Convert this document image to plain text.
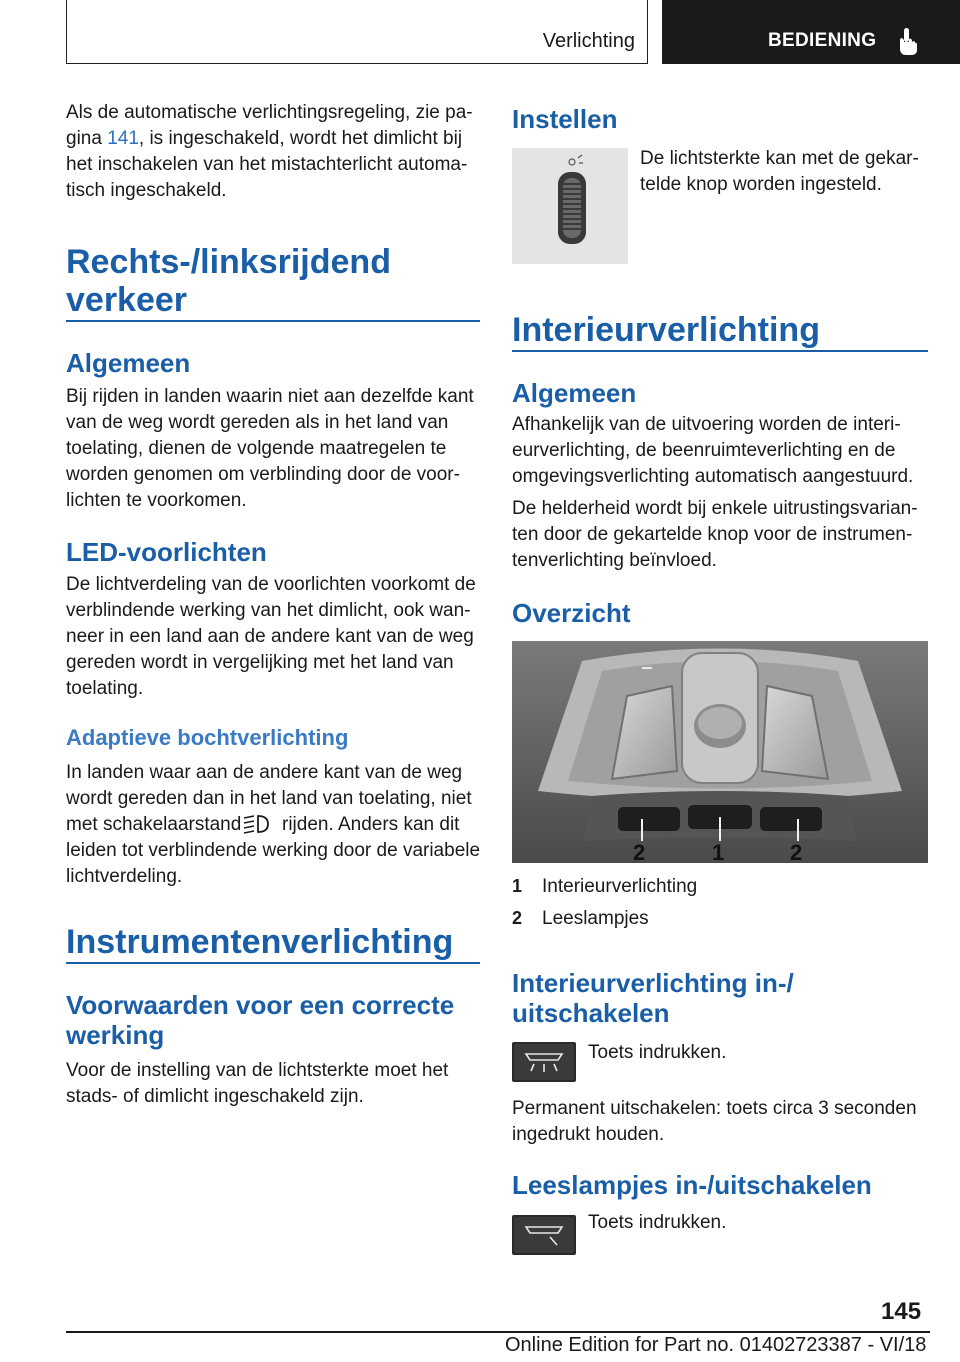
Verlichting	BEDIENING

Als de automatische verlichtingsregeling, zie pa-

gina 141, is ingeschakeld, wordt het dimlicht bij

het inschakelen van het mistachterlicht automa-

tisch ingeschakeld.

Rechts-/linksrijdend
verkeer
Algemeen

Bij rijden in landen waarin niet aan dezelfde kant

van de weg wordt gereden als in het land van

toelating, dienen de volgende maatregelen te

worden genomen om verblinding door de voor-

lichten te voorkomen.

LED-voorlichten

De lichtverdeling van de voorlichten voorkomt de

verblindende werking van het dimlicht, ook wan-

neer in een land aan de andere kant van de weg

gereden wordt in vergelijking met het land van

toelating.

Adaptieve bochtverlichting

In landen waar aan de andere kant van de weg

wordt gereden dan in het land van toelating, niet

met schakelaarstand rijden. Anders kan dit

leiden tot verblindende werking door de variabele

lichtverdeling.

Instrumentenverlichting
Voorwaarden voor een correcte
werking

Voor de instelling van de lichtsterkte moet het

stads- of dimlicht ingeschakeld zijn.

Instellen

De lichtsterkte kan met de gekar-

telde knop worden ingesteld.

Interieurverlichting
Algemeen

Afhankelijk van de uitvoering worden de interi-

eurverlichting, de beenruimteverlichting en de

omgevingsverlichting automatisch aangestuurd.

De helderheid wordt bij enkele uitrustingsvarian-

ten door de gekartelde knop voor de instrumen-

tenverlichting beïnvloed.

Overzicht
2	1	2
1 Interieurverlichting
2 Leeslampjes
Interieurverlichting in-/
uitschakelen

Toets indrukken.

Permanent uitschakelen: toets circa 3 seconden

ingedrukt houden.

Leeslampjes in-/uitschakelen

Toets indrukken.

145
Online Edition for Part no. 01402723387 - VI/18
